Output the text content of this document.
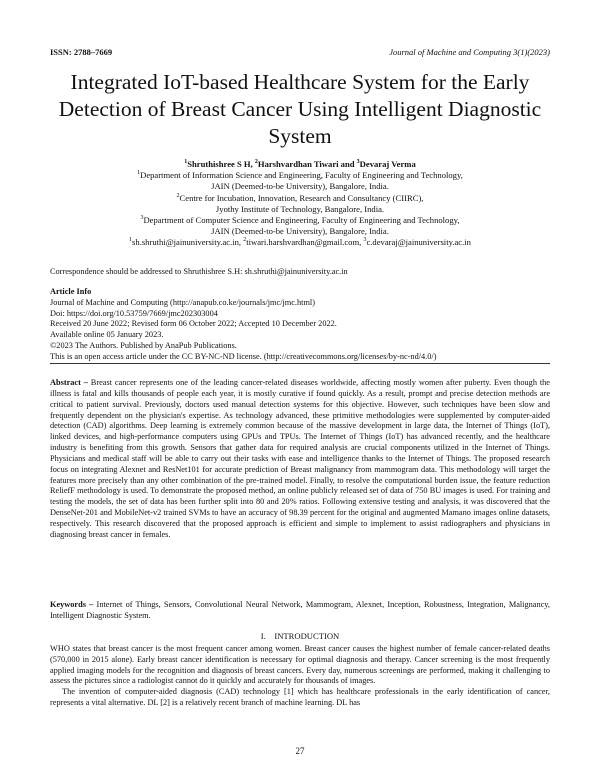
ISSN: 2788–7669	Journal of Machine and Computing 3(1)(2023)
Integrated IoT-based Healthcare System for the Early Detection of Breast Cancer Using Intelligent Diagnostic System
$^1$Shruthishree S H, $^2$Harshvardhan Tiwari and $^3$Devaraj Verma
$^1$Department of Information Science and Engineering, Faculty of Engineering and Technology,
JAIN (Deemed-to-be University), Bangalore, India.
$^2$Centre for Incubation, Innovation, Research and Consultancy (CIIRC),
Jyothy Institute of Technology, Bangalore, India.
$^3$Department of Computer Science and Engineering, Faculty of Engineering and Technology,
JAIN (Deemed-to-be University), Bangalore, India.
$^1$sh.shruthi@jainuniversity.ac.in, $^2$tiwari.harshvardhan@gmail.com, $^3$c.devaraj@jainuniversity.ac.in
Correspondence should be addressed to Shruthishree S.H: sh.shruthi@jainuniversity.ac.in
Article Info
Journal of Machine and Computing (http://anapub.co.ke/journals/jmc/jmc.html)
Doi: https://doi.org/10.53759/7669/jmc202303004
Received 20 June 2022; Revised form 06 October 2022; Accepted 10 December 2022.
Available online 05 January 2023.
©2023 The Authors. Published by AnaPub Publications.
This is an open access article under the CC BY-NC-ND license. (http://creativecommons.org/licenses/by-nc-nd/4.0/)
Abstract – Breast cancer represents one of the leading cancer-related diseases worldwide, affecting mostly women after puberty. Even though the illness is fatal and kills thousands of people each year, it is mostly curative if found quickly. As a result, prompt and precise detection methods are critical to patient survival. Previously, doctors used manual detection systems for this objective. However, such techniques have been slow and frequently dependent on the physician's expertise. As technology advanced, these primitive methodologies were supplemented by computer-aided detection (CAD) algorithms. Deep learning is extremely common because of the massive development in large data, the Internet of Things (IoT), linked devices, and high-performance computers using GPUs and TPUs. The Internet of Things (IoT) has advanced recently, and the healthcare industry is benefiting from this growth. Sensors that gather data for required analysis are crucial components utilized in the Internet of Things. Physicians and medical staff will be able to carry out their tasks with ease and intelligence thanks to the Internet of Things. The proposed research focus on integrating Alexnet and ResNet101 for accurate prediction of Breast malignancy from mammogram data. This methodology will target the features more precisely than any other combination of the pre-trained model. Finally, to resolve the computational burden issue, the feature reduction ReliefF methodology is used. To demonstrate the proposed method, an online publicly released set of data of 750 BU images is used. For training and testing the models, the set of data has been further split into 80 and 20% ratios. Following extensive testing and analysis, it was discovered that the DenseNet-201 and MobileNet-v2 trained SVMs to have an accuracy of 98.39 percent for the original and augmented Mamano images online datasets, respectively. This research discovered that the proposed approach is efficient and simple to implement to assist radiographers and physicians in diagnosing breast cancer in females.
Keywords – Internet of Things, Sensors, Convolutional Neural Network, Mammogram, Alexnet, Inception, Robustness, Integration, Malignancy, Intelligent Diagnostic System.
I.    INTRODUCTION

WHO states that breast cancer is the most frequent cancer among women. Breast cancer causes the highest number of female cancer-related deaths (570,000 in 2015 alone). Early breast cancer identification is necessary for optimal diagnosis and therapy. Cancer screening is the most frequently applied imaging models for the recognition and diagnosis of breast cancers. Every day, numerous screenings are performed, making it challenging to assess the pictures since a radiologist cannot do it quickly and accurately for thousands of images.

The invention of computer-aided diagnosis (CAD) technology [1] which has healthcare professionals in the early identification of cancer, represents a vital alternative. DL [2] is a relatively recent branch of machine learning. DL has

27
